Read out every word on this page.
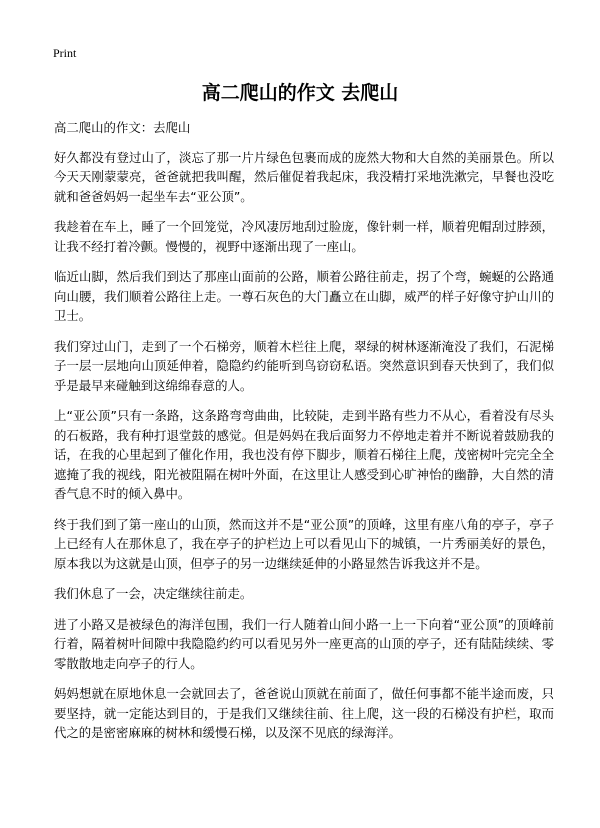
Print
高二爬山的作文 去爬山

高二爬山的作文：去爬山

好久都没有登过山了，淡忘了那一片片绿色包裹而成的庞然大物和大自然的美丽景色。所以今天天刚蒙蒙亮，爸爸就把我叫醒，然后催促着我起床，我没精打采地洗漱完，早餐也没吃就和爸爸妈妈一起坐车去“亚公顶”。

我趁着在车上，睡了一个回笼觉，冷风凄厉地刮过脸庞，像针刺一样，顺着兜帽刮过脖颈，让我不经打着冷颤。慢慢的，视野中逐渐出现了一座山。

临近山脚，然后我们到达了那座山面前的公路，顺着公路往前走，拐了个弯，蜿蜒的公路通向山腰，我们顺着公路往上走。一尊石灰色的大门矗立在山脚，威严的样子好像守护山川的卫士。

我们穿过山门，走到了一个石梯旁，顺着木栏往上爬，翠绿的树林逐渐淹没了我们，石泥梯子一层一层地向山顶延伸着，隐隐约约能听到鸟窃窃私语。突然意识到春天快到了，我们似乎是最早来碰触到这绵绵春意的人。

上“亚公顶”只有一条路，这条路弯弯曲曲，比较陡，走到半路有些力不从心，看着没有尽头的石板路，我有种打退堂鼓的感觉。但是妈妈在我后面努力不停地走着并不断说着鼓励我的话，在我的心里起到了催化作用，我也没有停下脚步，顺着石梯往上爬，茂密树叶完完全全遮掩了我的视线，阳光被阻隔在树叶外面，在这里让人感受到心旷神怡的幽静，大自然的清香气息不时的倾入鼻中。

终于我们到了第一座山的山顶，然而这并不是“亚公顶”的顶峰，这里有座八角的亭子，亭子上已经有人在那休息了，我在亭子的护栏边上可以看见山下的城镇，一片秀丽美好的景色，原本我以为这就是山顶，但亭子的另一边继续延伸的小路显然告诉我这并不是。

我们休息了一会，决定继续往前走。

进了小路又是被绿色的海洋包围，我们一行人随着山间小路一上一下向着“亚公顶”的顶峰前行着，隔着树叶间隙中我隐隐约约可以看见另外一座更高的山顶的亭子，还有陆陆续续、零零散散地走向亭子的行人。

妈妈想就在原地休息一会就回去了，爸爸说山顶就在前面了，做任何事都不能半途而废，只要坚持，就一定能达到目的，于是我们又继续往前、往上爬，这一段的石梯没有护栏，取而代之的是密密麻麻的树林和缓慢石梯，以及深不见底的绿海洋。
